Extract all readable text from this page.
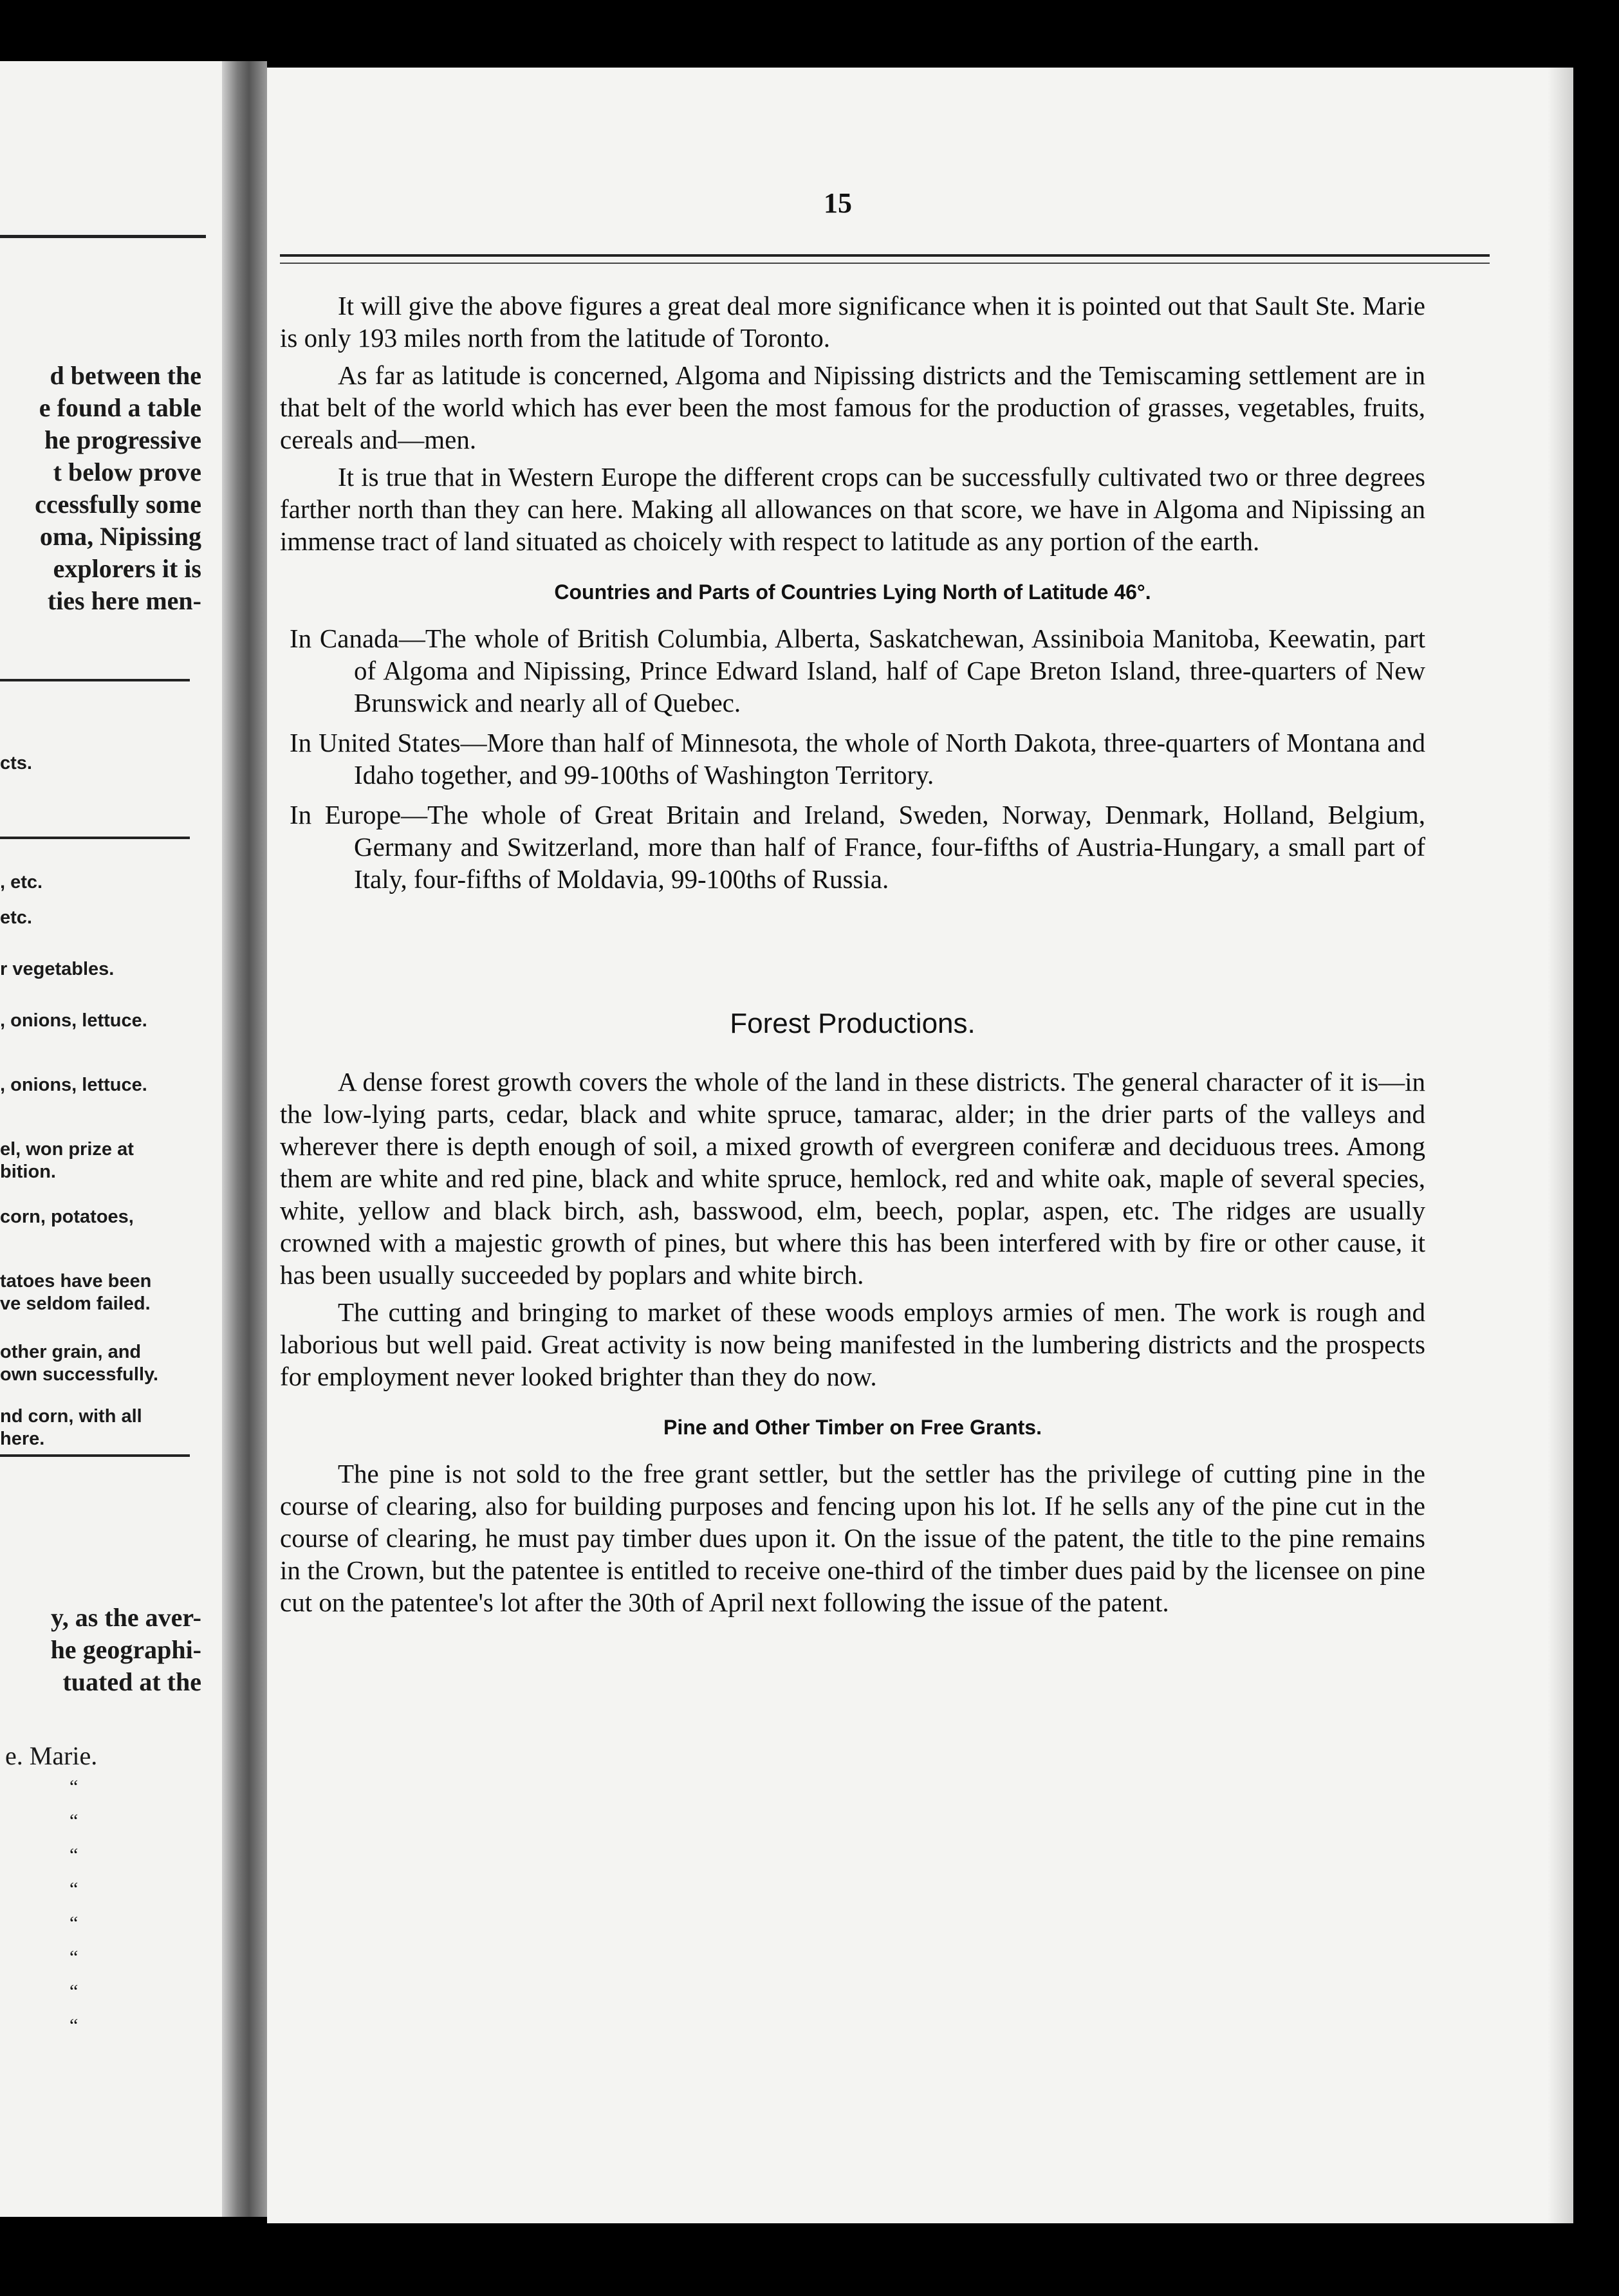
d between the
e found a table
he progressive
t below prove
ccessfully some
oma, Nipissing
explorers it is
ties here men-
cts.
, etc.
etc.
r vegetables.
, onions, lettuce.
, onions, lettuce.
el, won prize at
bition.
corn, potatoes,
tatoes have been
ve seldom failed.
other grain, and
own successfully.
nd corn, with all
here.
y, as the aver-
he geographi-
tuated at the
e. Marie.
“
“
“
“
“
“
“
“
15

It will give the above figures a great deal more significance when it is pointed out that Sault Ste. Marie is only 193 miles north from the latitude of Toronto.

As far as latitude is concerned, Algoma and Nipissing districts and the Temiscaming settlement are in that belt of the world which has ever been the most famous for the production of grasses, vegetables, fruits, cereals and—men.

It is true that in Western Europe the different crops can be successfully cultivated two or three degrees farther north than they can here. Making all allowances on that score, we have in Algoma and Nipissing an immense tract of land situated as choicely with respect to latitude as any portion of the earth.

Countries and Parts of Countries Lying North of Latitude 46°.

In Canada—The whole of British Columbia, Alberta, Saskatchewan, Assiniboia Manitoba, Keewatin, part of Algoma and Nipissing, Prince Edward Island, half of Cape Breton Island, three-quarters of New Brunswick and nearly all of Quebec.

In United States—More than half of Minnesota, the whole of North Dakota, three-quarters of Montana and Idaho together, and 99-100ths of Washington Territory.

In Europe—The whole of Great Britain and Ireland, Sweden, Norway, Denmark, Holland, Belgium, Germany and Switzerland, more than half of France, four-fifths of Austria-Hungary, a small part of Italy, four-fifths of Moldavia, 99-100ths of Russia.

Forest Productions.

A dense forest growth covers the whole of the land in these districts. The general character of it is—in the low-lying parts, cedar, black and white spruce, tamarac, alder; in the drier parts of the valleys and wherever there is depth enough of soil, a mixed growth of evergreen coniferæ and deciduous trees. Among them are white and red pine, black and white spruce, hemlock, red and white oak, maple of several species, white, yellow and black birch, ash, basswood, elm, beech, poplar, aspen, etc. The ridges are usually crowned with a majestic growth of pines, but where this has been interfered with by fire or other cause, it has been usually succeeded by poplars and white birch.

The cutting and bringing to market of these woods employs armies of men. The work is rough and laborious but well paid. Great activity is now being manifested in the lumbering districts and the prospects for employment never looked brighter than they do now.

Pine and Other Timber on Free Grants.

The pine is not sold to the free grant settler, but the settler has the privilege of cutting pine in the course of clearing, also for building purposes and fencing upon his lot. If he sells any of the pine cut in the course of clearing, he must pay timber dues upon it. On the issue of the patent, the title to the pine remains in the Crown, but the patentee is entitled to receive one-third of the timber dues paid by the licensee on pine cut on the patentee's lot after the 30th of April next following the issue of the patent.
